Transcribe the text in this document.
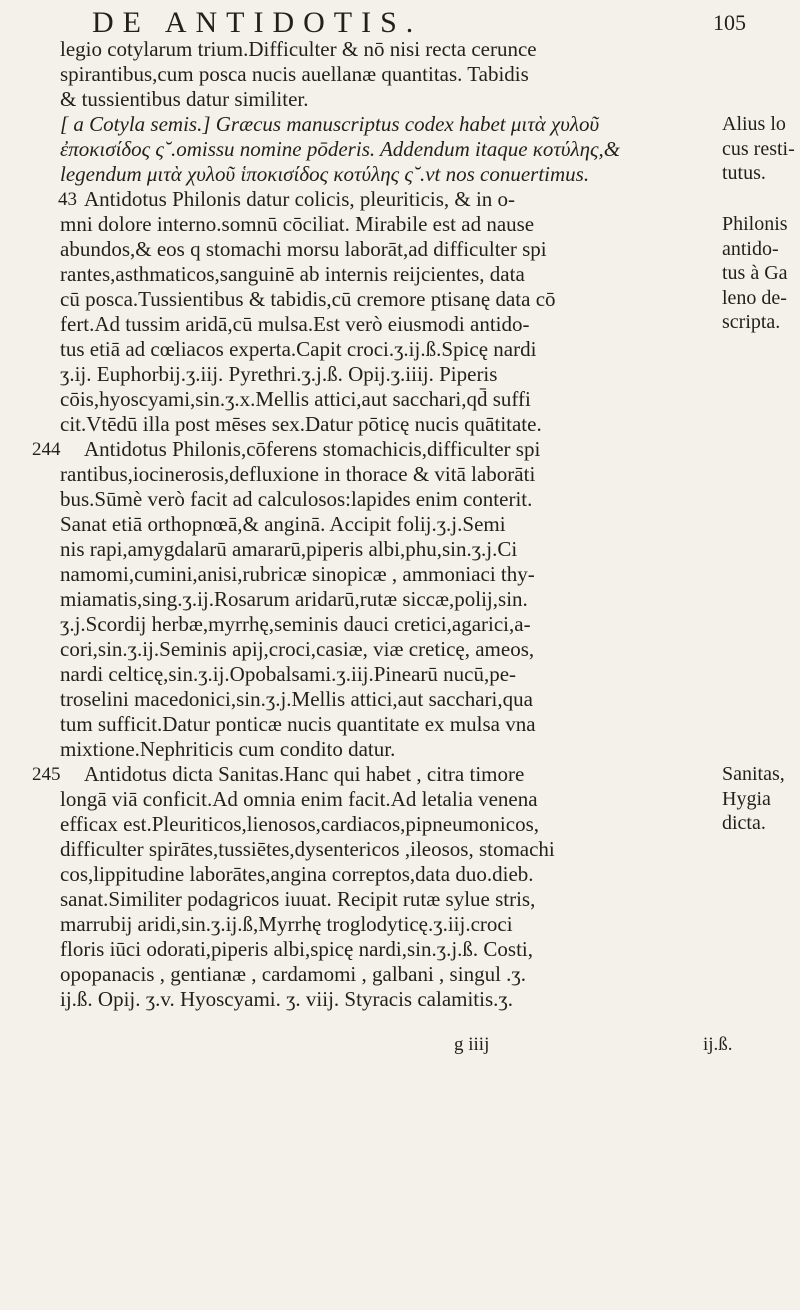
DE ANTIDOTIS.	105
legio cotylarum trium.Difficulter & nō nisi recta cerunce
spirantibus,cum posca nucis auellanæ quantitas. Tabidis
& tussientibus datur similiter.
[ a Cotyla semis.] Græcus manuscriptus codex habet μιτὰ χυλοῦ
ἐποκισίδος ς˘.omissu nomine pōderis. Addendum itaque κοτύλης,&
legendum μιτὰ χυλοῦ ἱποκισίδος κοτύλης ς˘.vt nos conuertimus.
Antidotus Philonis datur colicis, pleuriticis, & in o-
mni dolore interno.somnū cōciliat. Mirabile est ad nause
abundos,& eos q stomachi morsu laborāt,ad difficulter spi
rantes,asthmaticos,sanguinē ab internis reijcientes, data
cū posca.Tussientibus & tabidis,cū cremore ptisanę data cō
fert.Ad tussim aridā,cū mulsa.Est verò eiusmodi antido-
tus etiā ad cœliacos experta.Capit croci.ʒ.ij.ß.Spicę nardi
ʒ.ij. Euphorbij.ʒ.iij. Pyrethri.ʒ.j.ß. Opij.ʒ.iiij. Piperis
cōis,hyoscyami,sin.ʒ.x.Mellis attici,aut sacchari,qd̄ suffi
cit.Vtēdū illa post mēses sex.Datur pōticę nucis quātitate.
Antidotus Philonis,cōferens stomachicis,difficulter spi
rantibus,iocinerosis,defluxione in thorace & vitā laborāti
bus.Sūmè verò facit ad calculosos:lapides enim conterit.
Sanat etiā orthopnœā,& anginā. Accipit folij.ʒ.j.Semi
nis rapi,amygdalarū amararū,piperis albi,phu,sin.ʒ.j.Ci
namomi,cumini,anisi,rubricæ sinopicæ , ammoniaci thy-
miamatis,sing.ʒ.ij.Rosarum aridarū,rutæ siccæ,polij,sin.
ʒ.j.Scordij herbæ,myrrhę,seminis dauci cretici,agarici,a-
cori,sin.ʒ.ij.Seminis apij,croci,casiæ, viæ creticę, ameos,
nardi celticę,sin.ʒ.ij.Opobalsami.ʒ.iij.Pinearū nucū,pe-
troselini macedonici,sin.ʒ.j.Mellis attici,aut sacchari,qua
tum sufficit.Datur ponticæ nucis quantitate ex mulsa vna
mixtione.Nephriticis cum condito datur.
Antidotus dicta Sanitas.Hanc qui habet , citra timore
longā viā conficit.Ad omnia enim facit.Ad letalia venena
efficax est.Pleuriticos,lienosos,cardiacos,pipneumonicos,
difficulter spirātes,tussiētes,dysentericos ,ileosos, stomachi
cos,lippitudine laborātes,angina correptos,data duo.dieb.
sanat.Similiter podagricos iuuat. Recipit rutæ sylue stris,
marrubij aridi,sin.ʒ.ij.ß,Myrrhę troglodyticę.ʒ.iij.croci
floris iūci odorati,piperis albi,spicę nardi,sin.ʒ.j.ß. Costi,
opopanacis , gentianæ , cardamomi , galbani , singul .ʒ.
ij.ß. Opij. ʒ.v. Hyoscyami. ʒ. viij. Styracis calamitis.ʒ.
43
244
245
Alius lo
cus resti-
tutus.
Philonis
antido-
tus à Ga
leno de-
scripta.
Sanitas,
Hygia
dicta.
g iiij	ij.ß.
